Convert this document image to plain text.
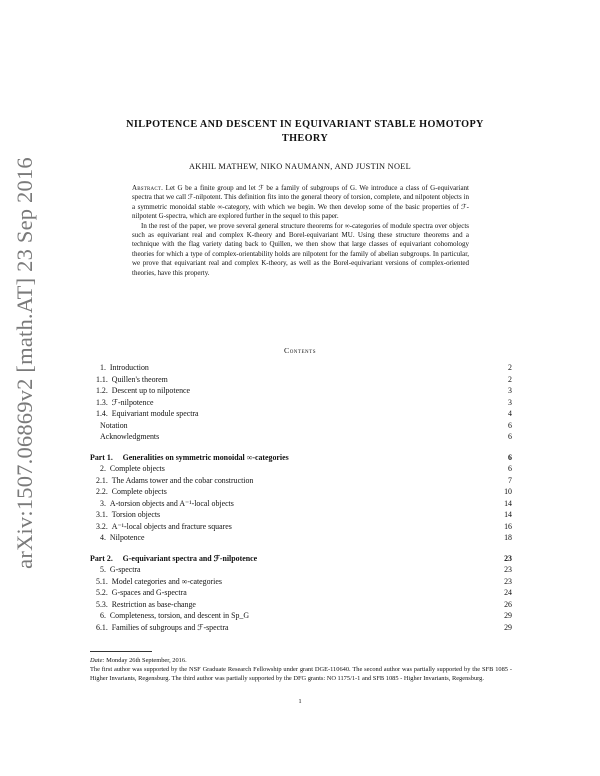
arXiv:1507.06869v2 [math.AT] 23 Sep 2016
NILPOTENCE AND DESCENT IN EQUIVARIANT STABLE HOMOTOPY
THEORY
AKHIL MATHEW, NIKO NAUMANN, AND JUSTIN NOEL

Abstract. Let G be a finite group and let ℱ be a family of subgroups of G. We introduce a class of G-equivariant spectra that we call ℱ-nilpotent. This definition fits into the general theory of torsion, complete, and nilpotent objects in a symmetric monoidal stable ∞-category, with which we begin. We then develop some of the basic properties of ℱ-nilpotent G-spectra, which are explored further in the sequel to this paper.

In the rest of the paper, we prove several general structure theorems for ∞-categories of module spectra over objects such as equivariant real and complex K-theory and Borel-equivariant MU. Using these structure theorems and a technique with the flag variety dating back to Quillen, we then show that large classes of equivariant cohomology theories for which a type of complex-orientability holds are nilpotent for the family of abelian subgroups. In particular, we prove that equivariant real and complex K-theory, as well as the Borel-equivariant versions of complex-oriented theories, have this property.

Contents
1.  Introduction	2
1.1.  Quillen's theorem	2
1.2.  Descent up to nilpotence	3
1.3.  ℱ-nilpotence	3
1.4.  Equivariant module spectra	4
Notation	6
Acknowledgments	6
Part 1.  Generalities on symmetric monoidal ∞-categories	6
2.  Complete objects	6
2.1.  The Adams tower and the cobar construction	7
2.2.  Complete objects	10
3.  A-torsion objects and A⁻¹-local objects	14
3.1.  Torsion objects	14
3.2.  A⁻¹-local objects and fracture squares	16
4.  Nilpotence	18
Part 2.  G-equivariant spectra and ℱ-nilpotence	23
5.  G-spectra	23
5.1.  Model categories and ∞-categories	23
5.2.  G-spaces and G-spectra	24
5.3.  Restriction as base-change	26
6.  Completeness, torsion, and descent in Sp_G	29
6.1.  Families of subgroups and ℱ-spectra	29

Date: Monday 26th September, 2016.

The first author was supported by the NSF Graduate Research Fellowship under grant DGE-110640. The second author was partially supported by the SFB 1085 - Higher Invariants, Regensburg. The third author was partially supported by the DFG grants: NO 1175/1-1 and SFB 1085 - Higher Invariants, Regensburg.

1
